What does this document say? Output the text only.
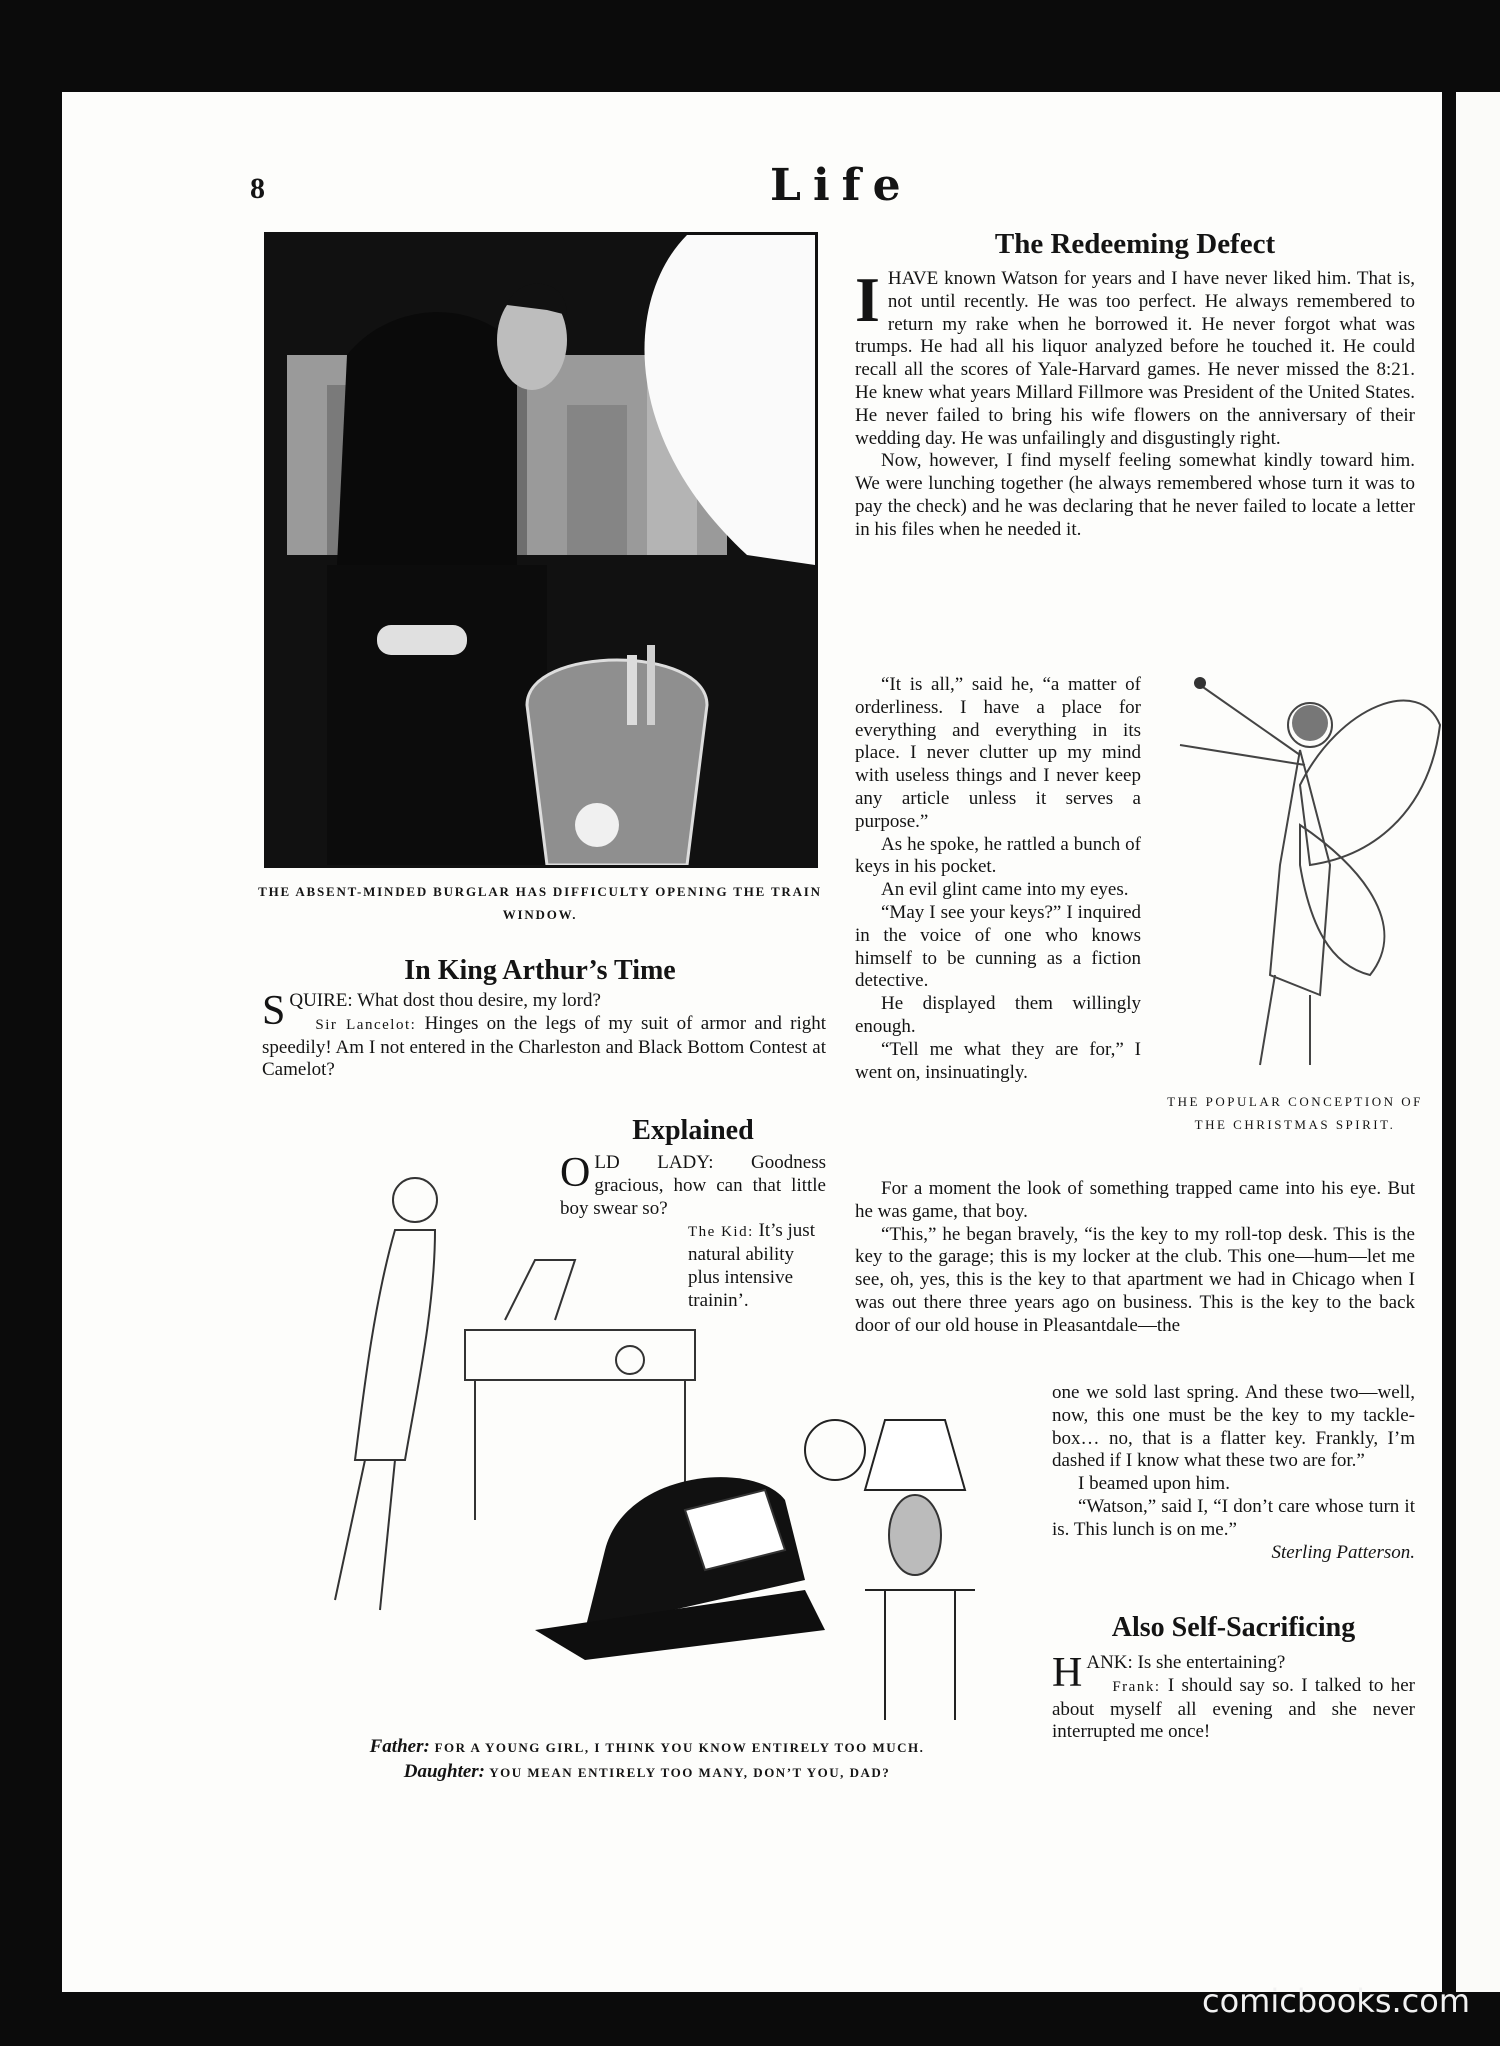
8	Life
THE ABSENT-MINDED BURGLAR HAS DIFFICULTY OPENING THE TRAIN WINDOW.
In King Arthur’s Time
SQUIRE: What dost thou desire, my lord?

Sir Lancelot: Hinges on the legs of my suit of armor and right speedily! Am I not entered in the Charleston and Black Bottom Contest at Camelot?

Explained
OLD LADY: Goodness gracious, how can that little boy swear so?
The Kid: It’s just natural ability plus intensive trainin’.
Father: FOR A YOUNG GIRL, I THINK YOU KNOW ENTIRELY TOO MUCH.
Daughter: YOU MEAN ENTIRELY TOO MANY, DON’T YOU, DAD?
The Redeeming Defect
IHAVE known Watson for years and I have never liked him. That is, not until recently. He was too perfect. He always remembered to return my rake when he borrowed it. He never forgot what was trumps. He had all his liquor analyzed before he touched it. He could recall all the scores of Yale-Harvard games. He never missed the 8:21. He knew what years Millard Fillmore was President of the United States. He never failed to bring his wife flowers on the anniversary of their wedding day. He was unfailingly and disgustingly right.

Now, however, I find myself feeling somewhat kindly toward him. We were lunching together (he always remembered whose turn it was to pay the check) and he was declaring that he never failed to locate a letter in his files when he needed it.

THE POPULAR CONCEPTION OF THE CHRISTMAS SPIRIT.

“It is all,” said he, “a matter of orderliness. I have a place for everything and everything in its place. I never clutter up my mind with useless things and I never keep any article unless it serves a purpose.”

As he spoke, he rattled a bunch of keys in his pocket.

An evil glint came into my eyes.

“May I see your keys?” I inquired in the voice of one who knows himself to be cunning as a fiction detective.

He displayed them willingly enough.

“Tell me what they are for,” I went on, insinuatingly.

For a moment the look of something trapped came into his eye. But he was game, that boy.

“This,” he began bravely, “is the key to my roll-top desk. This is the key to the garage; this is my locker at the club. This one—hum—let me see, oh, yes, this is the key to that apartment we had in Chicago when I was out there three years ago on business. This is the key to the back door of our old house in Pleasantdale—the

one we sold last spring. And these two—well, now, this one must be the key to my tackle-box… no, that is a flatter key. Frankly, I’m dashed if I know what these two are for.”

I beamed upon him.

“Watson,” said I, “I don’t care whose turn it is. This lunch is on me.”

Sterling Patterson.
Also Self-Sacrificing
HANK: Is she entertaining?

Frank: I should say so. I talked to her about myself all evening and she never interrupted me once!

comicbooks.com
